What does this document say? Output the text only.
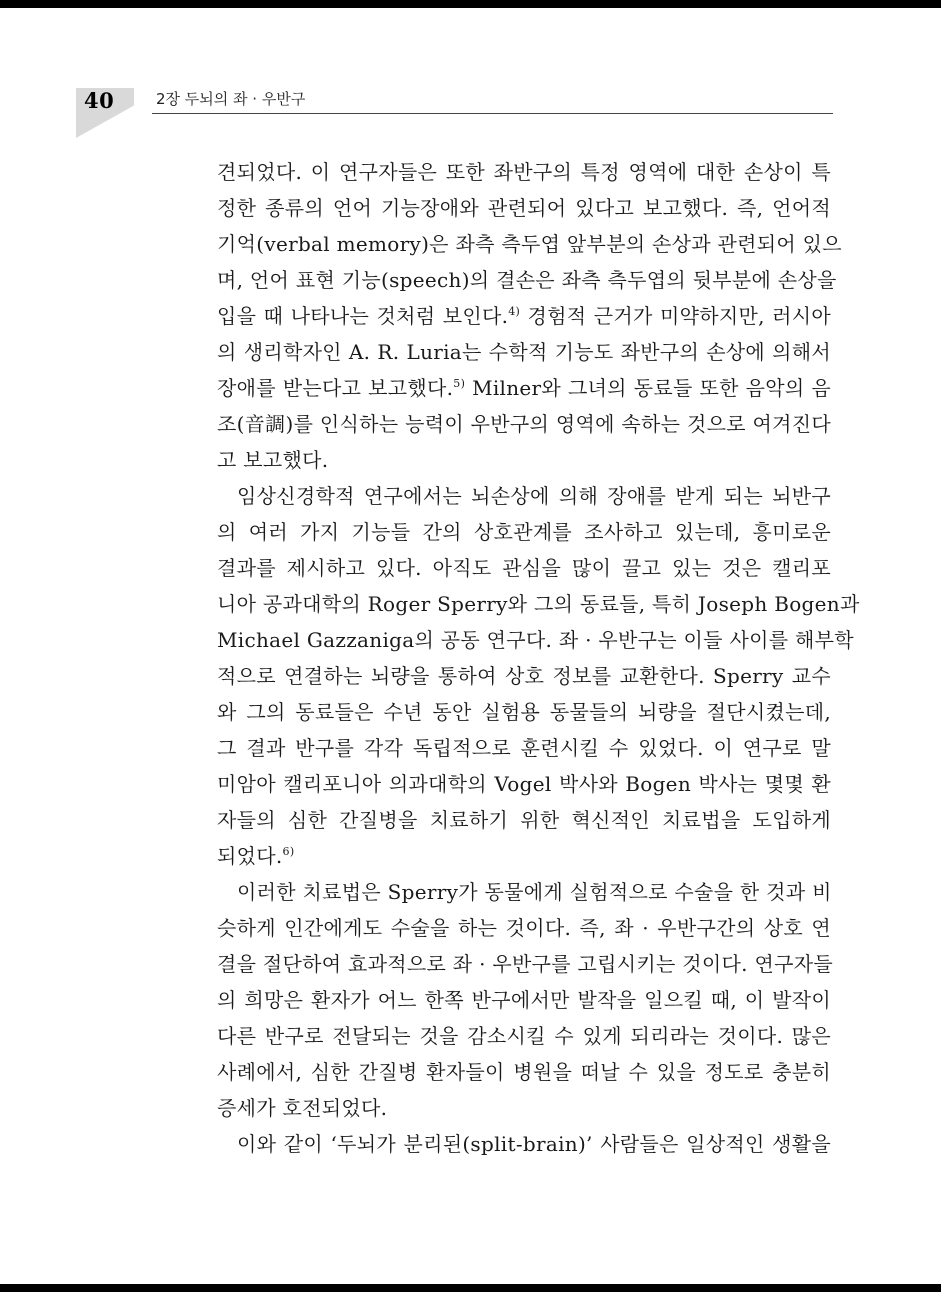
40	2장 두뇌의 좌 · 우반구
견되었다. 이 연구자들은 또한 좌반구의 특정 영역에 대한 손상이 특
정한 종류의 언어 기능장애와 관련되어 있다고 보고했다. 즉, 언어적
기억(verbal memory)은 좌측 측두엽 앞부분의 손상과 관련되어 있으
며, 언어 표현 기능(speech)의 결손은 좌측 측두엽의 뒷부분에 손상을
입을 때 나타나는 것처럼 보인다.$^{4)}$ 경험적 근거가 미약하지만, 러시아
의 생리학자인 A. R. Luria는 수학적 기능도 좌반구의 손상에 의해서
장애를 받는다고 보고했다.$^{5)}$ Milner와 그녀의 동료들 또한 음악의 음
조(音調)를 인식하는 능력이 우반구의 영역에 속하는 것으로 여겨진다
고 보고했다.
임상신경학적 연구에서는 뇌손상에 의해 장애를 받게 되는 뇌반구
의 여러 가지 기능들 간의 상호관계를 조사하고 있는데, 흥미로운
결과를 제시하고 있다. 아직도 관심을 많이 끌고 있는 것은 캘리포
니아 공과대학의 Roger Sperry와 그의 동료들, 특히 Joseph Bogen과
Michael Gazzaniga의 공동 연구다. 좌 · 우반구는 이들 사이를 해부학
적으로 연결하는 뇌량을 통하여 상호 정보를 교환한다. Sperry 교수
와 그의 동료들은 수년 동안 실험용 동물들의 뇌량을 절단시켰는데,
그 결과 반구를 각각 독립적으로 훈련시킬 수 있었다. 이 연구로 말
미암아 캘리포니아 의과대학의 Vogel 박사와 Bogen 박사는 몇몇 환
자들의 심한 간질병을 치료하기 위한 혁신적인 치료법을 도입하게
되었다.$^{6)}$
이러한 치료법은 Sperry가 동물에게 실험적으로 수술을 한 것과 비
슷하게 인간에게도 수술을 하는 것이다. 즉, 좌 · 우반구간의 상호 연
결을 절단하여 효과적으로 좌 · 우반구를 고립시키는 것이다. 연구자들
의 희망은 환자가 어느 한쪽 반구에서만 발작을 일으킬 때, 이 발작이
다른 반구로 전달되는 것을 감소시킬 수 있게 되리라는 것이다. 많은
사례에서, 심한 간질병 환자들이 병원을 떠날 수 있을 정도로 충분히
증세가 호전되었다.
이와 같이 ‘두뇌가 분리된(split-brain)’ 사람들은 일상적인 생활을
